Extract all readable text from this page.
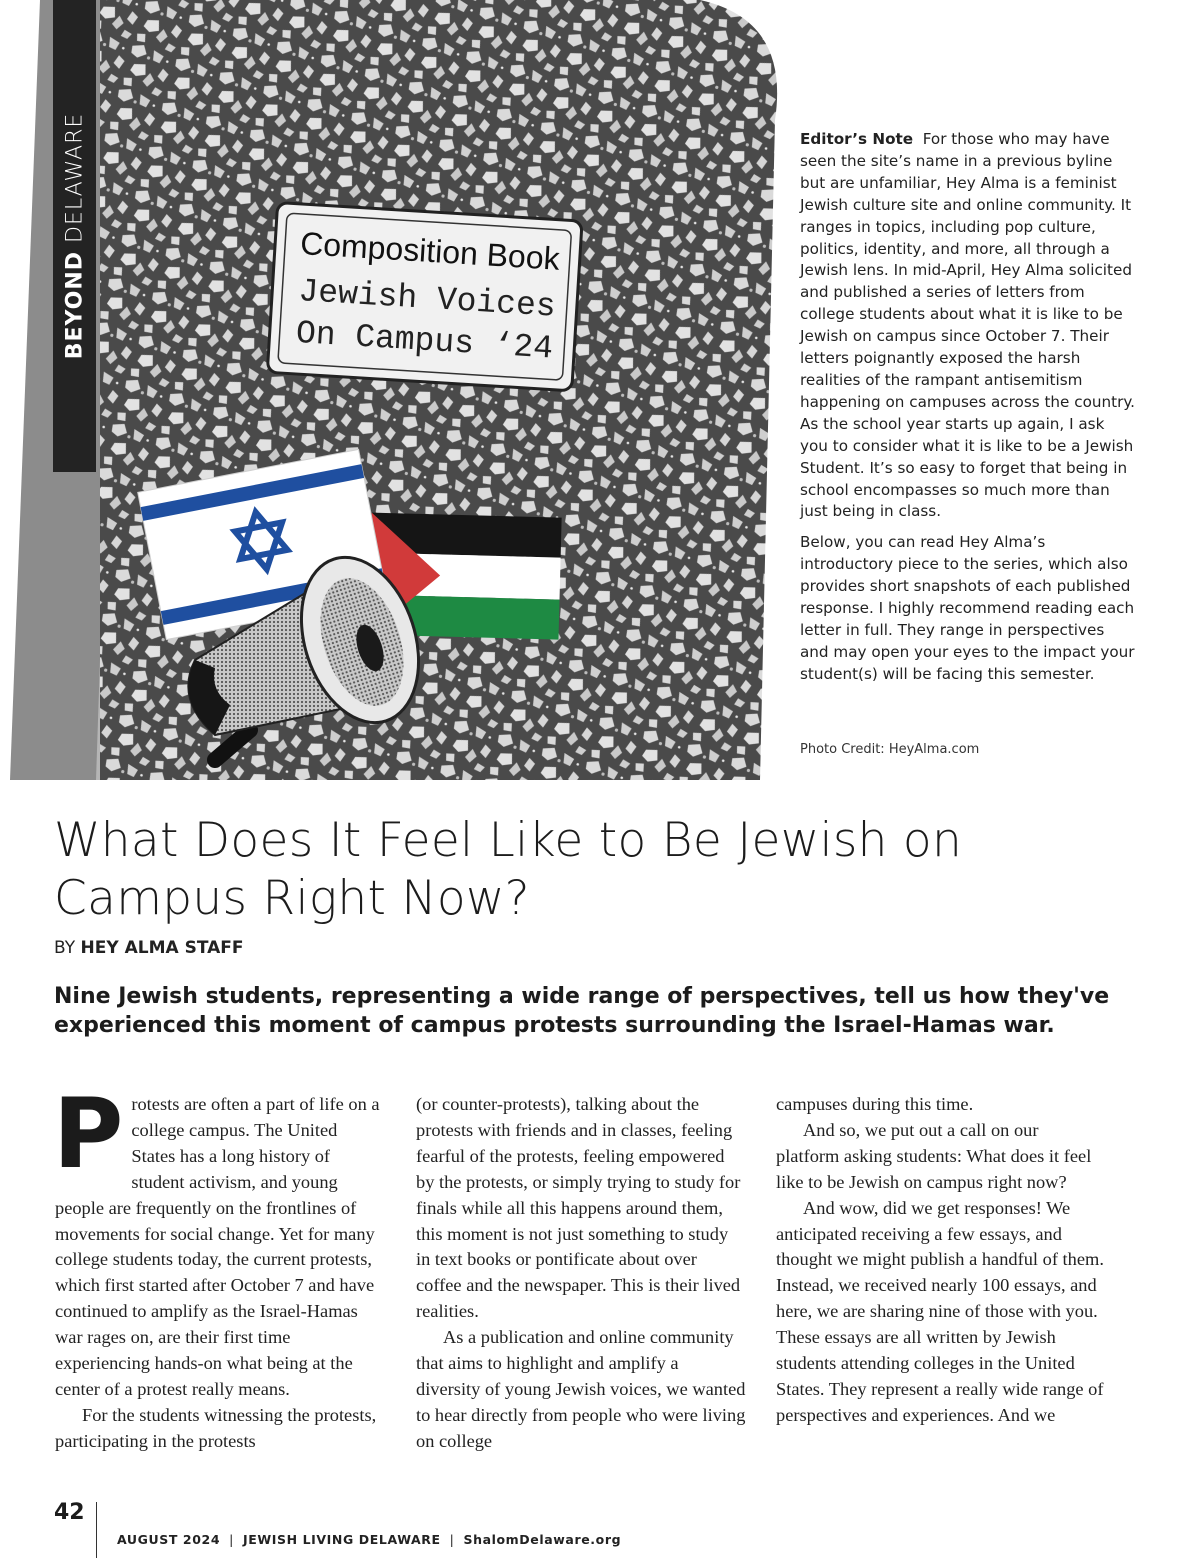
Composition Book
Jewish Voices
On Campus ‘24
BEYOND DELAWARE	Editor’s Note For those who may have seen the site’s name in a previous byline but are unfamiliar, Hey Alma is a feminist Jewish culture site and online community. It ranges in topics, including pop culture, politics, identity, and more, all through a Jewish lens. In mid-April, Hey Alma solicited and published a series of letters from college students about what it is like to be Jewish on campus since October 7. Their letters poignantly exposed the harsh realities of the rampant antisemitism happening on campuses across the country. As the school year starts up again, I ask you to consider what it is like to be a Jewish Student. It’s so easy to forget that being in school encompasses so much more than just being in class.

Below, you can read Hey Alma’s introductory piece to the series, which also provides short snapshots of each published response. I highly recommend reading each letter in full. They range in perspectives and may open your eyes to the impact your student(s) will be facing this semester.

Photo Credit: HeyAlma.com
What Does It Feel Like to Be Jewish on Campus Right Now?
BY HEY ALMA STAFF
Nine Jewish students, representing a wide range of perspectives, tell us how they've experienced this moment of campus protests surrounding the Israel-Hamas war.

Protests are often a part of life on a college campus. The United States has a long history of student activism, and young people are frequently on the frontlines of movements for social change. Yet for many college students today, the current protests, which first started after October 7 and have continued to amplify as the Israel-Hamas war rages on, are their first time experiencing hands-on what being at the center of a protest really means.

For the students witnessing the protests, participating in the protests

(or counter-protests), talking about the protests with friends and in classes, feeling fearful of the protests, feeling empowered by the protests, or simply trying to study for finals while all this happens around them, this moment is not just something to study in text books or pontificate about over coffee and the newspaper. This is their lived realities.

As a publication and online community that aims to highlight and amplify a diversity of young Jewish voices, we wanted to hear directly from people who were living on college

campuses during this time.

And so, we put out a call on our platform asking students: What does it feel like to be Jewish on campus right now?

And wow, did we get responses! We anticipated receiving a few essays, and thought we might publish a handful of them. Instead, we received nearly 100 essays, and here, we are sharing nine of those with you. These essays are all written by Jewish students attending colleges in the United States. They represent a really wide range of perspectives and experiences. And we

42
AUGUST 2024 | JEWISH LIVING DELAWARE | ShalomDelaware.org
